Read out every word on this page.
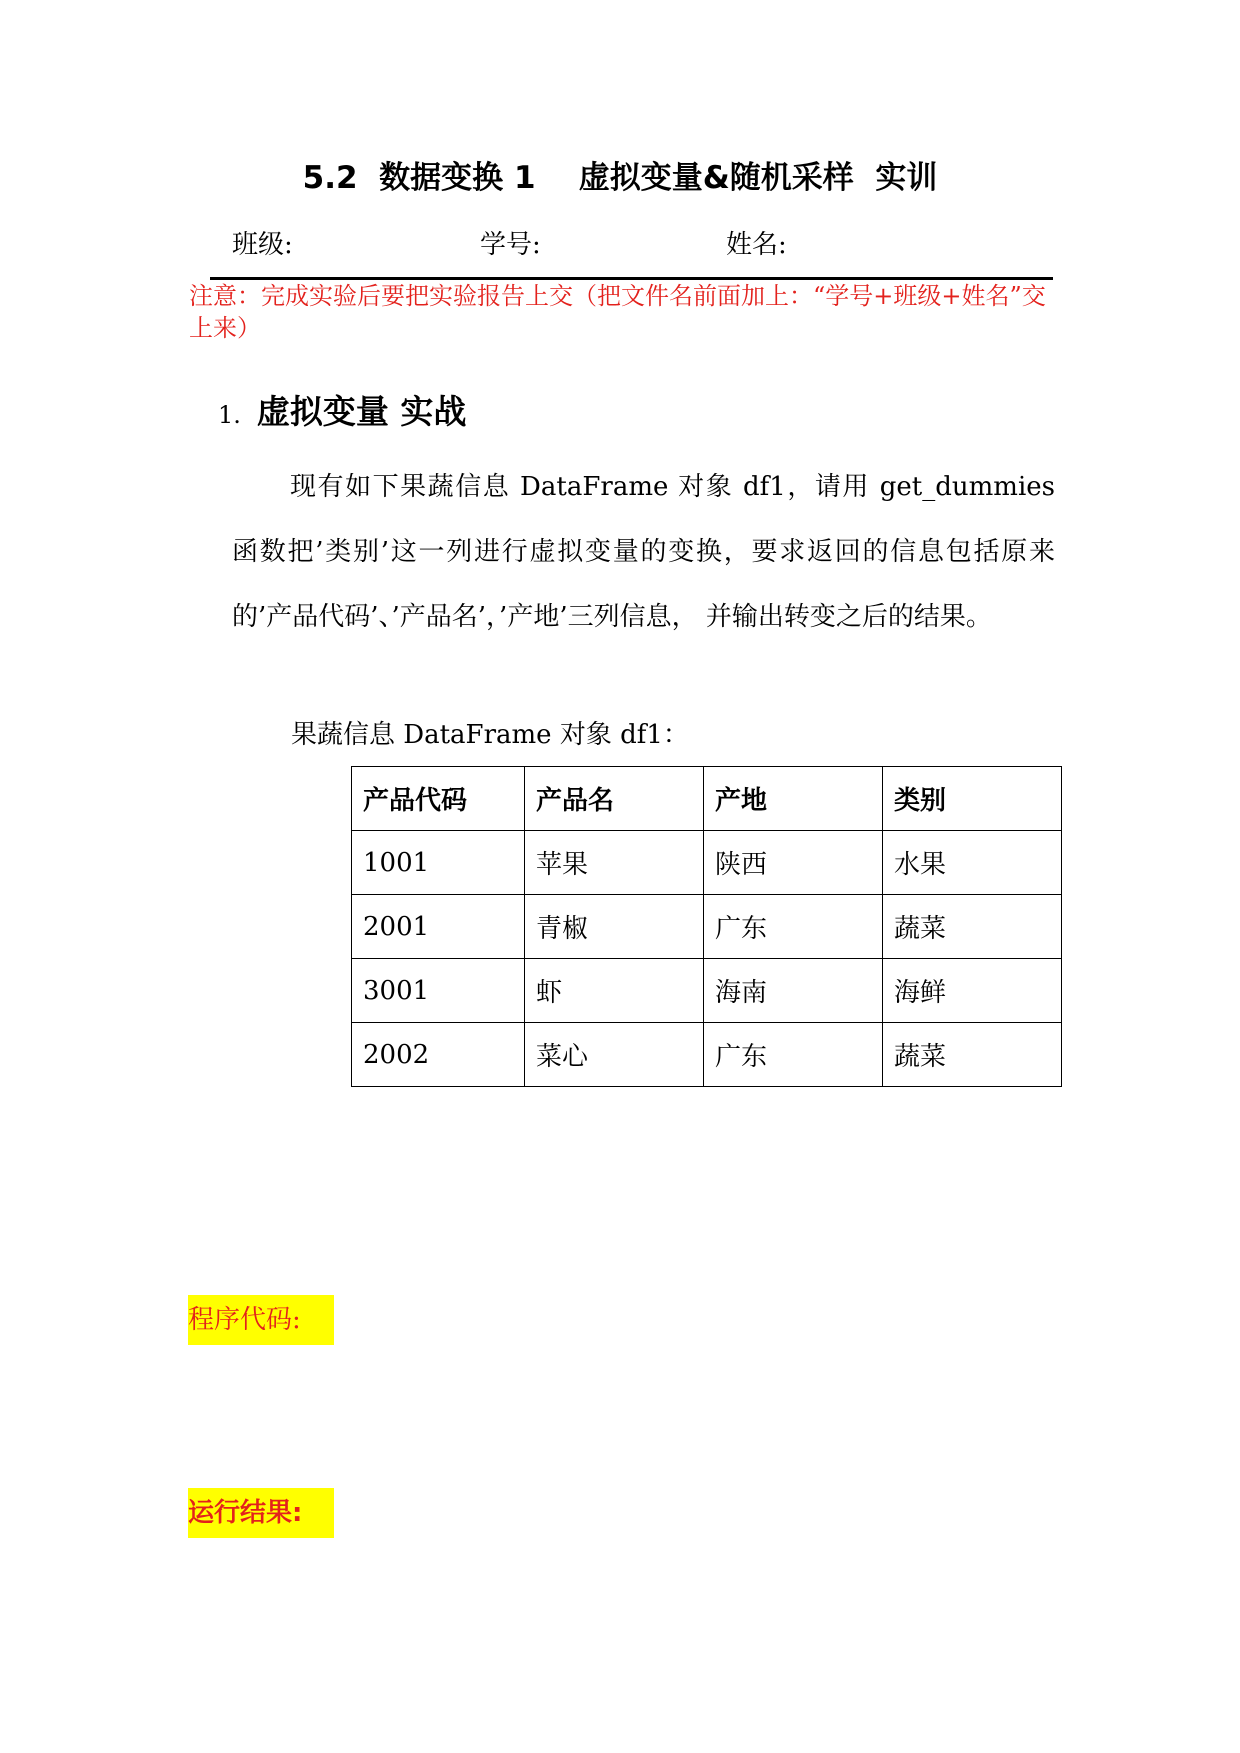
5.2  数据变换 1    虚拟变量&随机采样  实训
班级:	学号:	姓名:

注意：完成实验后要把实验报告上交（把文件名前面加上：“学号+班级+姓名”交上来）

1. 虚拟变量 实战

现有如下果蔬信息 DataFrame 对象 df1，请用 get_dummies 函数把’类别’这一列进行虚拟变量的变换，要求返回的信息包括原来的’产品代码’、’产品名’，’产地’三列信息， 并输出转变之后的结果。

果蔬信息 DataFrame 对象 df1：

产品代码	产品名	产地	类别
1001	苹果	陕西	水果
2001	青椒	广东	蔬菜
3001	虾	海南	海鲜
2002	菜心	广东	蔬菜

程序代码:

运行结果:
